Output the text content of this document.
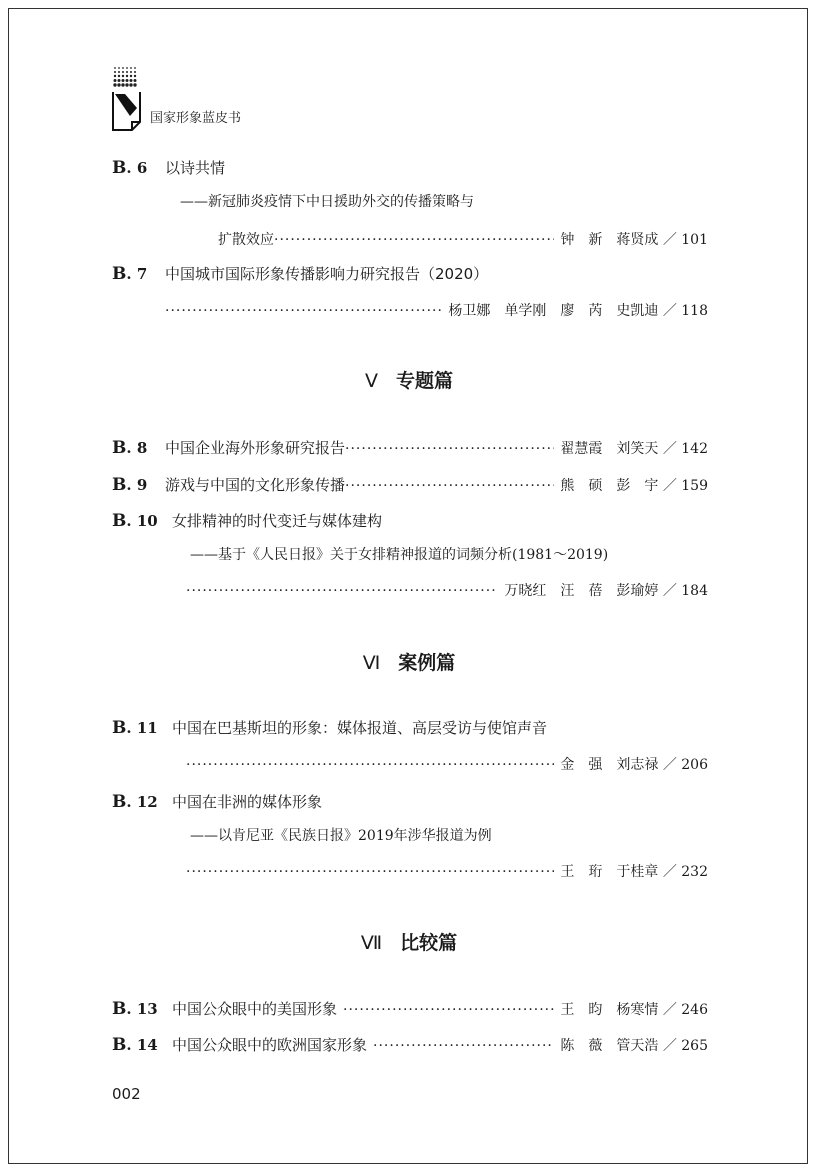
国家形象蓝皮书
B. 6 以诗共情
——新冠肺炎疫情下中日援助外交的传播策略与
扩散效应 ·····	钟　新　蒋贤成 ／ 101
B. 7 中国城市国际形象传播影响力研究报告（2020）
·····
杨卫娜　单学刚　廖　芮　史凯迪 ／ 118
Ⅴ 专题篇
B. 8 中国企业海外形象研究报告 ·····	翟慧霞　刘笑天 ／ 142
B. 9 游戏与中国的文化形象传播 ·····	熊　硕　彭　宇 ／ 159
B. 10 女排精神的时代变迁与媒体建构
——基于《人民日报》关于女排精神报道的词频分析(1981～2019)
·····
万晓红　汪　蓓　彭瑜婷 ／ 184
Ⅵ 案例篇
B. 11 中国在巴基斯坦的形象：媒体报道、高层受访与使馆声音
·····
金　强　刘志禄 ／ 206
B. 12 中国在非洲的媒体形象
——以肯尼亚《民族日报》2019年涉华报道为例
·····
王　珩　于桂章 ／ 232
Ⅶ 比较篇
B. 13 中国公众眼中的美国形象 ·····	王　昀　杨寒情 ／ 246
B. 14 中国公众眼中的欧洲国家形象 ·····	陈　薇　管天浩 ／ 265
002
